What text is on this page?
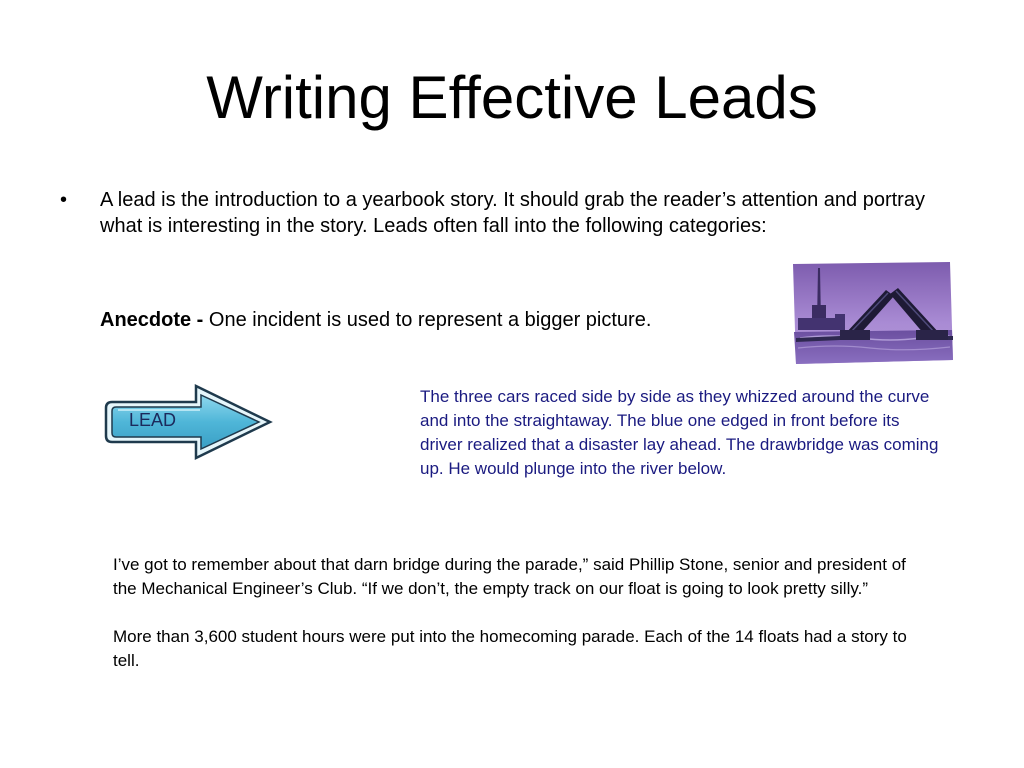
Writing Effective Leads
•	A lead is the introduction to a yearbook story. It should grab the reader’s attention and portray what is interesting in the story. Leads often fall into the following categories:
Anecdote - One incident is used to represent a bigger picture.
LEAD
The three cars raced side by side as they whizzed around the curve and into the straightaway. The blue one edged in front before its driver realized that a disaster lay ahead. The drawbridge was coming up. He would plunge into the river below.

I’ve got to remember about that darn bridge during the parade,” said Phillip Stone, senior and president of the Mechanical Engineer’s Club. “If we don’t, the empty track on our float is going to look pretty silly.”

More than 3,600 student hours were put into the homecoming parade. Each of the 14 floats had a story to tell.
